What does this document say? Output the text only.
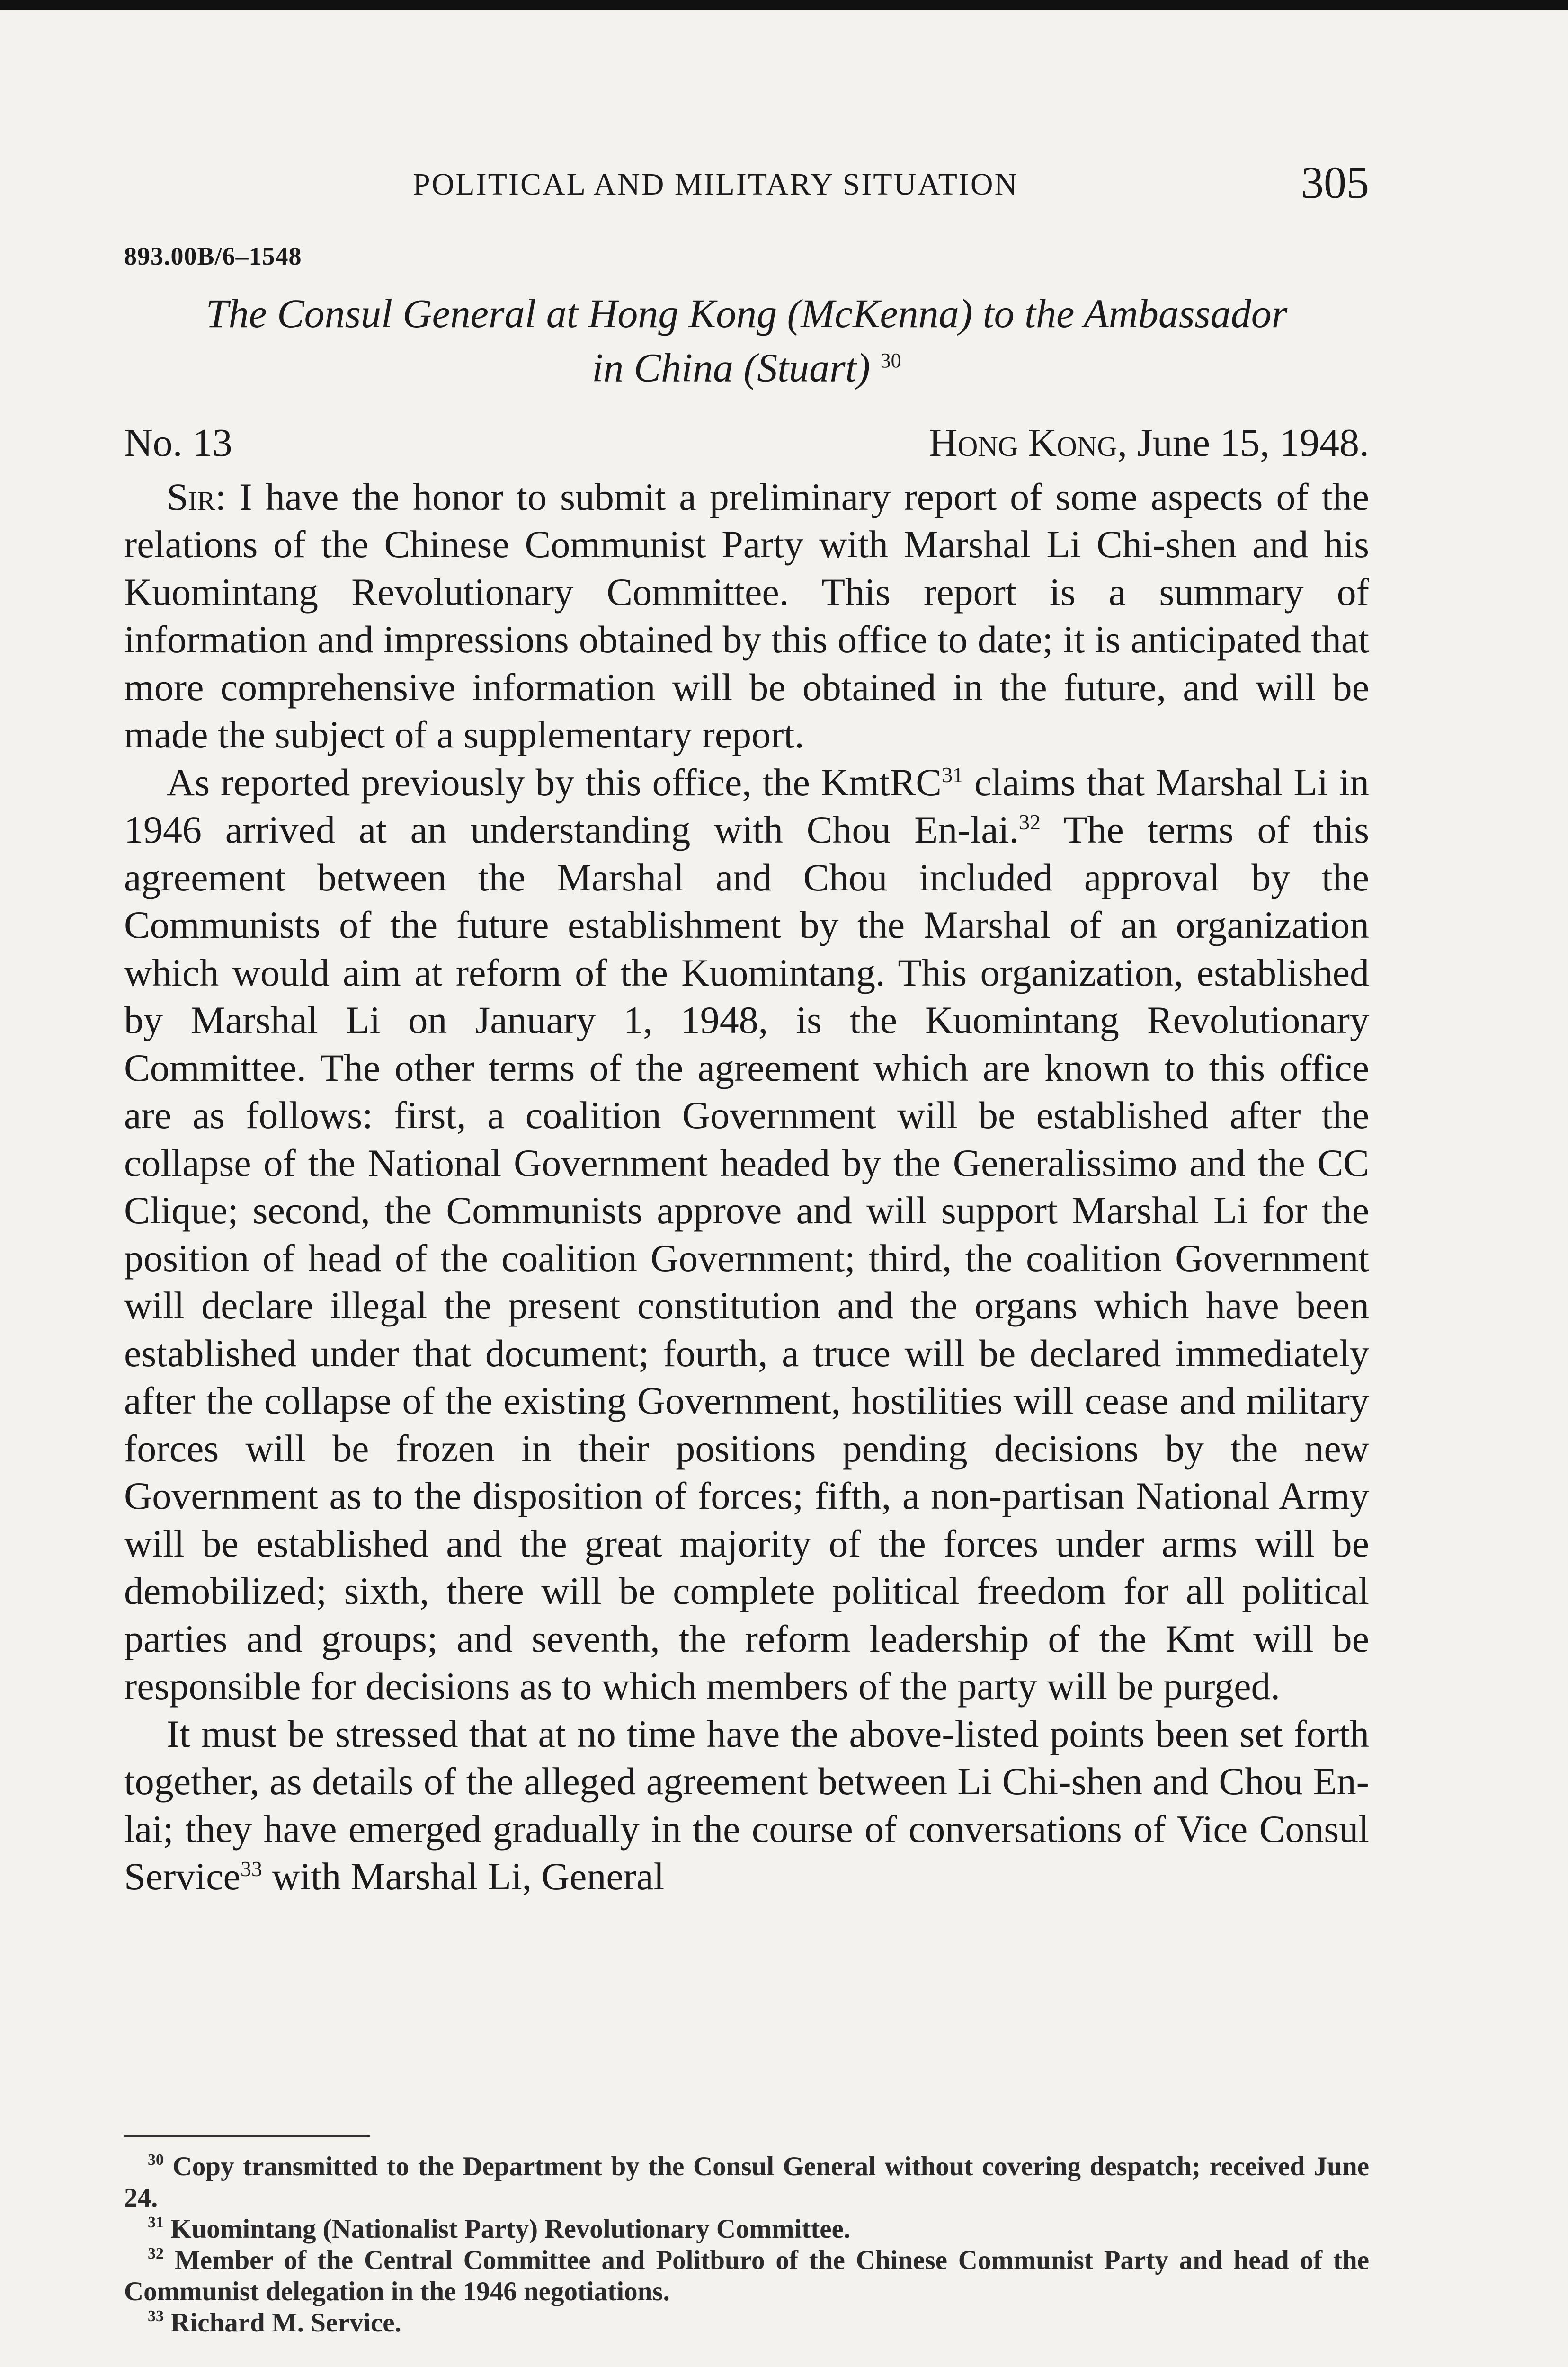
POLITICAL AND MILITARY SITUATION	305
893.00B/6–1548
The Consul General at Hong Kong (McKenna) to the Ambassador
in China (Stuart) $^{30}$
No. 13	Hong Kong, June 15, 1948.

Sir: I have the honor to submit a preliminary report of some aspects of the relations of the Chinese Communist Party with Marshal Li Chi-shen and his Kuomintang Revolutionary Committee. This report is a summary of information and impressions obtained by this office to date; it is anticipated that more comprehensive information will be obtained in the future, and will be made the subject of a supplementary report.

As reported previously by this office, the KmtRC$^{31}$ claims that Marshal Li in 1946 arrived at an understanding with Chou En-lai.$^{32}$ The terms of this agreement between the Marshal and Chou included approval by the Communists of the future establishment by the Marshal of an organization which would aim at reform of the Kuomintang. This organization, established by Marshal Li on January 1, 1948, is the Kuomintang Revolutionary Committee. The other terms of the agreement which are known to this office are as follows: first, a coalition Government will be established after the collapse of the National Government headed by the Generalissimo and the CC Clique; second, the Communists approve and will support Marshal Li for the position of head of the coalition Government; third, the coalition Government will declare illegal the present constitution and the organs which have been established under that document; fourth, a truce will be declared immediately after the collapse of the existing Government, hostilities will cease and military forces will be frozen in their positions pending decisions by the new Government as to the disposition of forces; fifth, a non-partisan National Army will be established and the great majority of the forces under arms will be demobilized; sixth, there will be complete political freedom for all political parties and groups; and seventh, the reform leadership of the Kmt will be responsible for decisions as to which members of the party will be purged.

It must be stressed that at no time have the above-listed points been set forth together, as details of the alleged agreement between Li Chi-shen and Chou En-lai; they have emerged gradually in the course of conversations of Vice Consul Service$^{33}$ with Marshal Li, General

$^{30}$ Copy transmitted to the Department by the Consul General without covering despatch; received June 24.
$^{31}$ Kuomintang (Nationalist Party) Revolutionary Committee.
$^{32}$ Member of the Central Committee and Politburo of the Chinese Communist Party and head of the Communist delegation in the 1946 negotiations.
$^{33}$ Richard M. Service.
